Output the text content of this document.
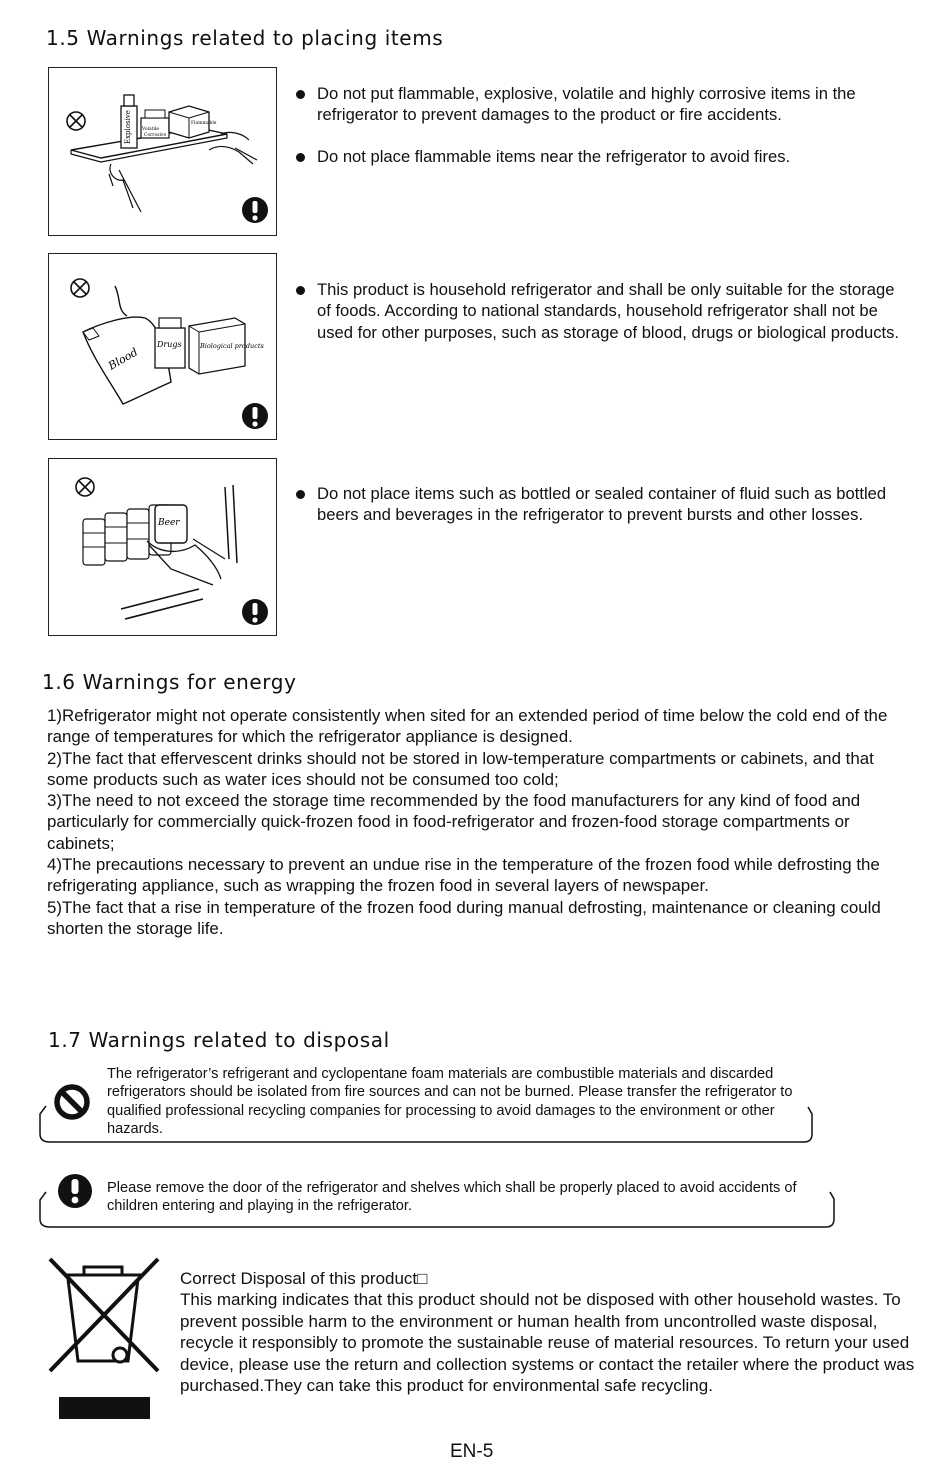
1.5 Warnings related to placing items
Explosive Volatile
Corrosive
Flammable
Do not put flammable, explosive, volatile and highly corrosive items in the refrigerator to prevent damages to the product or fire accidents.
Do not place flammable items near the refrigerator to avoid fires.
Blood
Drugs	Biological products
This product is household refrigerator and shall be only suitable for the storage of foods. According to national standards, household refrigerator shall not be used for other purposes, such as storage of blood, drugs or biological products.
Beer
Do not place items such as bottled or sealed container of fluid such as bottled beers and beverages in the refrigerator to prevent bursts and other losses.
1.6 Warnings for energy

1)Refrigerator might not operate consistently when sited for an extended period of time below the cold end of the range of temperatures for which the refrigerator appliance is designed.

2)The fact that effervescent drinks should not be stored in low-temperature compartments or cabinets, and that some products such as water ices should not be consumed too cold;

3)The need to not exceed the storage time recommended by the food manufacturers for any kind of food and particularly for commercially quick-frozen food in food-refrigerator and frozen-food storage compartments or cabinets;

4)The precautions necessary to prevent an undue rise in the temperature of the frozen food while defrosting the refrigerating appliance, such as wrapping the frozen food in several layers of newspaper.

5)The fact that a rise in temperature of the frozen food during manual defrosting, maintenance or cleaning could shorten the storage life.

1.7 Warnings related to disposal
The refrigerator’s refrigerant and cyclopentane foam materials are combustible materials and discarded refrigerators should be isolated from fire sources and can not be burned. Please transfer the refrigerator to qualified professional recycling companies for processing to avoid damages to the environment or other hazards.
Please remove the door of the refrigerator and shelves which shall be properly placed to avoid accidents of children entering and playing in the refrigerator.

Correct Disposal of this product□

This marking indicates that this product should not be disposed with other household wastes. To prevent possible harm to the environment or human health from uncontrolled waste disposal, recycle it responsibly to promote the sustainable reuse of material resources. To return your used device, please use the return and collection systems or contact the retailer where the product was purchased.They can take this product for environmental safe recycling.

EN-5
